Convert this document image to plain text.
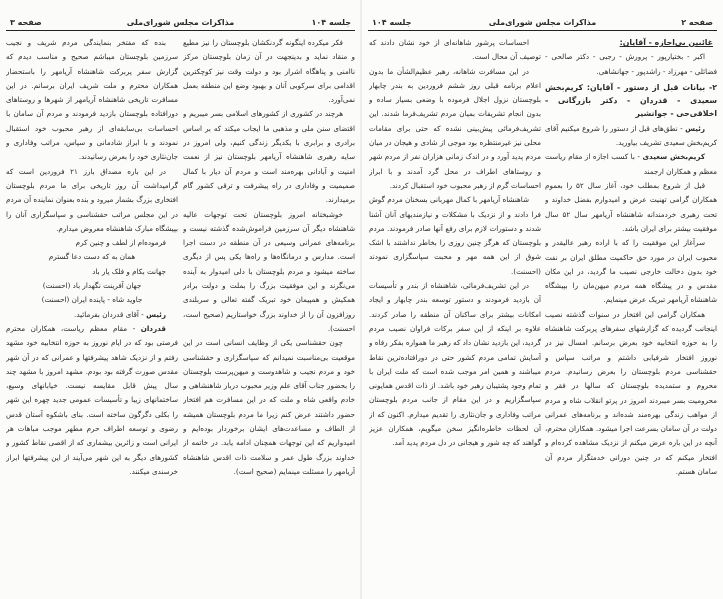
صفحه ۳	مذاکرات مجلس شورای‌ملی	جلسه ۱۰۴

فکر میکرده اینگونه گردنکشان بلوچستان را نیز مطیع و منقاد نماید و بدینجهت در آن زمان بلوچستان مرکز ناامنی و پناهگاه اشرار بود و دولت وقت نیز کوچکترین اقدامی برای سرکوبی آنان و بهبود وضع این منطقه بعمل نمی‌آورد.

هرچند در کشوری از کشورهای اسلامی بسر میبریم و اقتضای سنن ملی و مذهبی ما ایجاب میکند که بر اساس برادری و برابری با یکدیگر زندگی کنیم، ولی امروز در سایه رهبری شاهنشاه آریامهر بلوچستان نیز از نعمت امنیت و آبادانی بهره‌مند است و مردم آن دیار با کمال صمیمیت و وفاداری در راه پیشرفت و ترقی کشور گام برمیدارند.

خوشبختانه امروز بلوچستان تحت توجهات عالیه شاهنشاه دیگر آن سرزمین فراموش‌شده گذشته نیست و برنامه‌های عمرانی وسیعی در آن منطقه در دست اجرا است. مدارس و درمانگاه‌ها و راه‌ها یکی پس از دیگری ساخته میشود و مردم بلوچستان با دلی امیدوار به آینده می‌نگرند و این موفقیت بزرگ را بملت و دولت برادر همکیش و همپیمان خود تبریک گفته تعالی و سربلندی روزافزون آن را از خداوند بزرگ خواستاریم (صحیح است، احسنت).

چون حقشناسی یکی از وظایف انسانی است در این موقعیت بی‌مناسبت نمیدانم که سپاسگزاری و حقشناسی خود و مردم نجیب و شاهدوست و میهن‌پرست بلوچستان را بحضور جناب آقای علم وزیر محبوب دربار شاهنشاهی و خادم واقعی شاه و ملت که در این مسافرت هم افتخار حضور داشتند عرض کنم زیرا ما مردم بلوچستان همیشه از الطاف و مساعدت‌های ایشان برخوردار بوده‌ایم و امیدواریم که این توجهات همچنان ادامه یابد. در خاتمه از خداوند بزرگ طول عمر و سلامت ذات اقدس شاهنشاه آریامهر را مسئلت مینمایم (صحیح است).

بنده که مفتخر بنمایندگی مردم شریف و نجیب سرزمین بلوچستان میباشم صحیح و مناسب دیدم که گزارش سفر پربرکت شاهنشاه آریامهر را باستحضار همکاران محترم و ملت شریف ایران برسانم. در این مسافرت تاریخی شاهنشاه آریامهر از شهرها و روستاهای دورافتاده بلوچستان بازدید فرمودند و مردم آن سامان با احساسات بی‌سابقه‌ای از رهبر محبوب خود استقبال نمودند و با ابراز شادمانی و سپاس، مراتب وفاداری و جان‌نثاری خود را بعرض رسانیدند.

در این باره مصداق بارز ۲۱ فروردین است که گرامیداشت آن روز تاریخی برای ما مردم بلوچستان افتخاری بزرگ بشمار میرود و بنده بعنوان نماینده آن مردم در این مجلس مراتب حقشناسی و سپاسگزاری آنان را بپیشگاه مبارک شاهنشاه معروض میدارم.

فرموده‌ام از لطف و چنین کرم

همان به که دست دعا گسترم

جهانت بکام و فلک یار باد

جهان آفرینت نگهدار باد (احسنت)

جاوید شاه - پاینده ایران (احسنت)

رئیس - آقای قدردان بفرمائید.

قدردان - مقام معظم ریاست، همکاران محترم فرصتی بود که در ایام نوروز به حوزه انتخابیه خود مشهد رفتم و از نزدیک شاهد پیشرفتها و عمرانی که در آن شهر مقدس صورت گرفته بود بودم. مشهد امروز با مشهد چند سال پیش قابل مقایسه نیست. خیابانهای وسیع، ساختمانهای زیبا و تأسیسات عمومی جدید چهره این شهر را بکلی دگرگون ساخته است. بنای باشکوه آستان قدس رضوی و توسعه اطراف حرم مطهر موجب مباهات هر ایرانی است و زائرین بیشماری که از اقصی نقاط کشور و کشورهای دیگر به این شهر می‌آیند از این پیشرفتها ابراز خرسندی میکنند.

جلسه ۱۰۴	مذاکرات مجلس شورای‌ملی	صفحه ۲

غائبین بی‌اجازه - آقایان:

اکبر - بختیارپور - پرورش - رجبی - دکتر صالحی - فضائلی - مهرزاد - راشدپور - جهانشاهی.

۲- بیانات قبل از دستور - آقایان: کریم‌بخش سعیدی - قدردان - دکتر بازرگانی - اخلاقی‌حی - جوانشیر

رئیس - نطق‌های قبل از دستور را شروع میکنیم آقای کریم‌بخش سعیدی تشریف بیاورید.

کریم‌بخش سعیدی - با کسب اجازه از مقام ریاست معظم و همکاران ارجمند

قبل از شروع بمطلب خود، آغاز سال ۵۲ را بعموم همکاران گرامی تهنیت عرض و امیدوارم بفضل خداوند و تحت رهبری خردمندانه شاهنشاه آریامهر سال ۵۲ سال موفقیت بیشتر برای ایران باشد.

سرآغاز این موفقیت را که با اراده رهبر عالیقدر و محبوب ایران در مورد حق حاکمیت مطلق ایران بر نفت خود بدون دخالت خارجی نصیب ما گردید، در این مکان مقدس و در پیشگاه همه مردم میهن‌مان را بپیشگاه شاهنشاه آریامهر تبریک عرض مینمایم.

همکاران گرامی این افتخار در سنوات گذشته نصیب اینجانب گردیده که گزارشهای سفرهای پربرکت شاهنشاه را به حوزه انتخابیه خود بعرض برسانم. امسال نیز در نوروز افتخار شرفیابی داشتم و مراتب سپاس و حقشناسی مردم بلوچستان را بعرض رسانیدم. مردم محروم و ستمدیده بلوچستان که سالها در فقر و محرومیت بسر میبردند امروز در پرتو انقلاب شاه و مردم از مواهب زندگی بهره‌مند شده‌اند و برنامه‌های عمرانی دولت در آن سامان بسرعت اجرا میشود. همکاران محترم، آنچه در این باره عرض میکنم از نزدیک مشاهده کرده‌ام و افتخار میکنم که در چنین دورانی خدمتگزار مردم آن سامان هستم.

احساسات پرشور شاهانه‌ای از خود نشان دادند که توصیف آن محال است.

در این مسافرت شاهانه، رهبر عظیم‌الشأن ما بدون اعلام برنامه قبلی روز ششم فروردین به بندر چابهار بلوچستان نزول اجلال فرموده با وضعی بسیار ساده و بدون انجام تشریفات بمیان مردم تشریف‌فرما شدند. این تشریف‌فرمائی پیش‌بینی نشده که حتی برای مقامات محلی نیز غیرمنتظره بود موجی از شادی و هیجان در میان مردم پدید آورد و در اندک زمانی هزاران نفر از مردم شهر و روستاهای اطراف در محل گرد آمدند و با ابراز احساسات گرم از رهبر محبوب خود استقبال کردند.

شاهنشاه آریامهر با کمال مهربانی بسخنان مردم گوش فرا دادند و از نزدیک با مشکلات و نیازمندیهای آنان آشنا شدند و دستورات لازم برای رفع آنها صادر فرمودند. مردم بلوچستان که هرگز چنین روزی را بخاطر نداشتند با اشک شوق از این همه مهر و محبت سپاسگزاری نمودند (احسنت).

در این تشریف‌فرمائی، شاهنشاه از بندر و تأسیسات آن بازدید فرمودند و دستور توسعه بندر چابهار و ایجاد امکانات بیشتر برای ساکنان آن منطقه را صادر کردند. علاوه بر اینکه از این سفر برکات فراوان نصیب مردم گردید، این بازدید نشان داد که رهبر ما همواره بفکر رفاه و آسایش تمامی مردم کشور حتی در دورافتاده‌ترین نقاط میباشند و همین امر موجب شده است که ملت ایران با تمام وجود پشتیبان رهبر خود باشد. از ذات اقدس همایونی سپاسگزاریم و در این مقام از جانب مردم بلوچستان مراتب وفاداری و جان‌نثاری را تقدیم میدارم. اکنون که از آن لحظات خاطره‌انگیز سخن میگویم، همکاران عزیز گواهند که چه شور و هیجانی در دل مردم پدید آمد.
